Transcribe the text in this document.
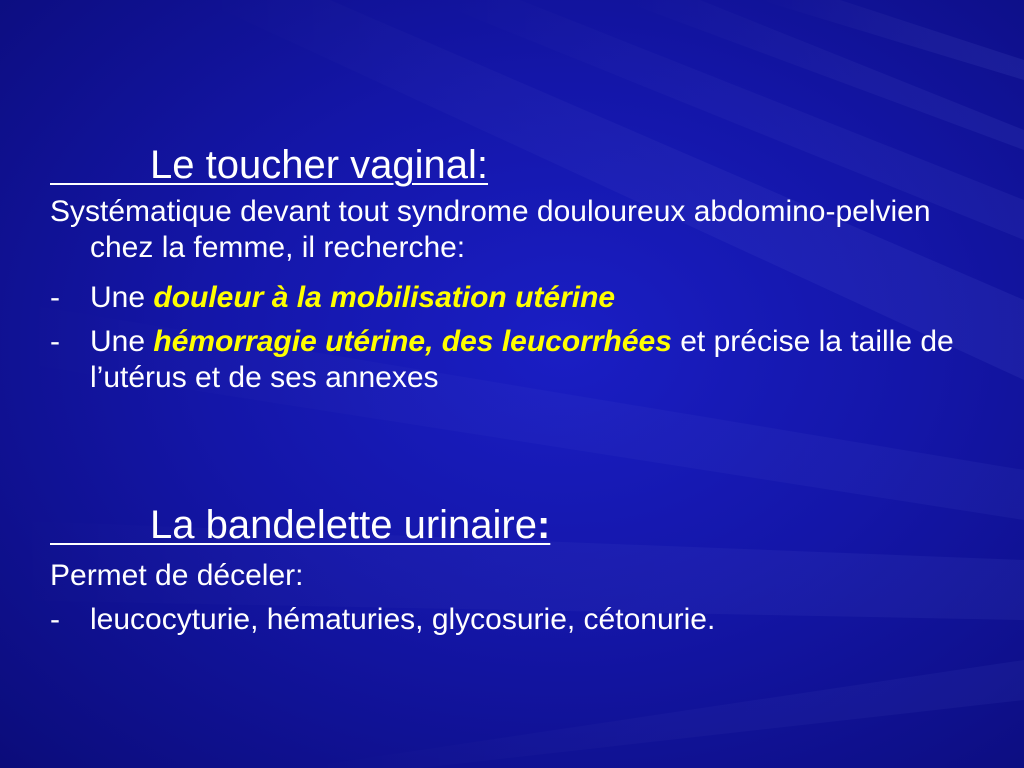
Le toucher vaginal:

Systématique devant tout syndrome douloureux abdomino-pelvien chez la femme, il recherche:

-	Une douleur à la mobilisation utérine
-	Une hémorragie utérine, des leucorrhées et précise la taille de l’utérus et de ses annexes

La bandelette urinaire:

Permet de déceler:

-	leucocyturie, hématuries, glycosurie, cétonurie.
